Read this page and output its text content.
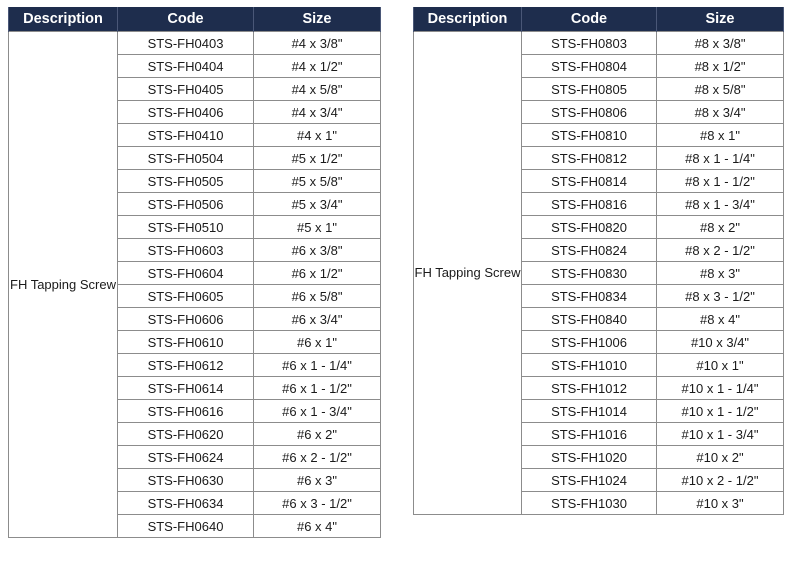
Description	Code	Size
FH Tapping Screw	STS-FH0403	#4 x 3/8"
	STS-FH0404	#4 x 1/2"
	STS-FH0405	#4 x 5/8"
	STS-FH0406	#4 x 3/4"
	STS-FH0410	#4 x 1"
	STS-FH0504	#5 x 1/2"
	STS-FH0505	#5 x 5/8"
	STS-FH0506	#5 x 3/4"
	STS-FH0510	#5 x 1"
	STS-FH0603	#6 x 3/8"
	STS-FH0604	#6 x 1/2"
	STS-FH0605	#6 x 5/8"
	STS-FH0606	#6 x 3/4"
	STS-FH0610	#6 x 1"
	STS-FH0612	#6 x 1 - 1/4"
	STS-FH0614	#6 x 1 - 1/2"
	STS-FH0616	#6 x 1 - 3/4"
	STS-FH0620	#6 x 2"
	STS-FH0624	#6 x 2 - 1/2"
	STS-FH0630	#6 x 3"
	STS-FH0634	#6 x 3 - 1/2"
	STS-FH0640	#6 x 4"
Description	Code	Size
FH Tapping Screw	STS-FH0803	#8 x 3/8"
	STS-FH0804	#8 x 1/2"
	STS-FH0805	#8 x 5/8"
	STS-FH0806	#8 x 3/4"
	STS-FH0810	#8 x 1"
	STS-FH0812	#8 x 1 - 1/4"
	STS-FH0814	#8 x 1 - 1/2"
	STS-FH0816	#8 x 1 - 3/4"
	STS-FH0820	#8 x 2"
	STS-FH0824	#8 x 2 - 1/2"
	STS-FH0830	#8 x 3"
	STS-FH0834	#8 x 3 - 1/2"
	STS-FH0840	#8 x 4"
	STS-FH1006	#10 x 3/4"
	STS-FH1010	#10 x 1"
	STS-FH1012	#10 x 1 - 1/4"
	STS-FH1014	#10 x 1 - 1/2"
	STS-FH1016	#10 x 1 - 3/4"
	STS-FH1020	#10 x 2"
	STS-FH1024	#10 x 2 - 1/2"
	STS-FH1030	#10 x 3"
